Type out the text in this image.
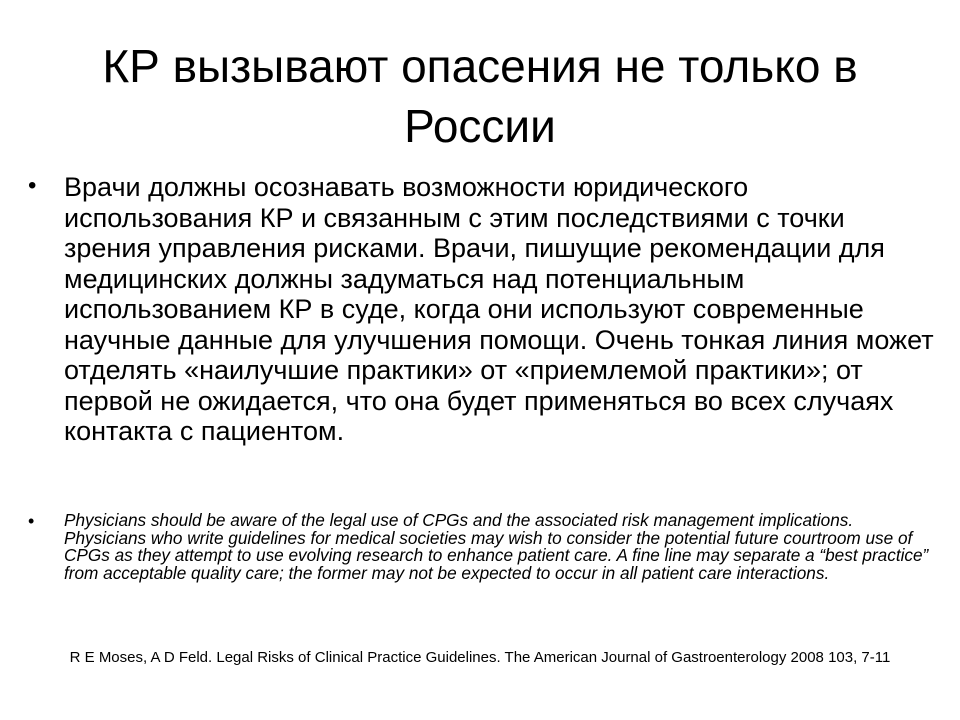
КР вызывают опасения не только в России
•	Врачи должны осознавать возможности юридического использования КР и связанным с этим последствиями с точки зрения управления рисками. Врачи, пишущие рекомендации для медицинских должны задуматься над потенциальным использованием КР в суде, когда они используют современные научные данные для улучшения помощи. Очень тонкая линия может отделять «наилучшие практики» от «приемлемой практики»; от первой не ожидается, что она будет применяться во всех случаях контакта с пациентом.

•	Physicians should be aware of the legal use of CPGs and the associated risk management implications. Physicians who write guidelines for medical societies may wish to consider the potential future courtroom use of CPGs as they attempt to use evolving research to enhance patient care. A fine line may separate a “best practice” from acceptable quality care; the former may not be expected to occur in all patient care interactions.

R E Moses, A D Feld. Legal Risks of Clinical Practice Guidelines. The American Journal of Gastroenterology 2008 103, 7-11
